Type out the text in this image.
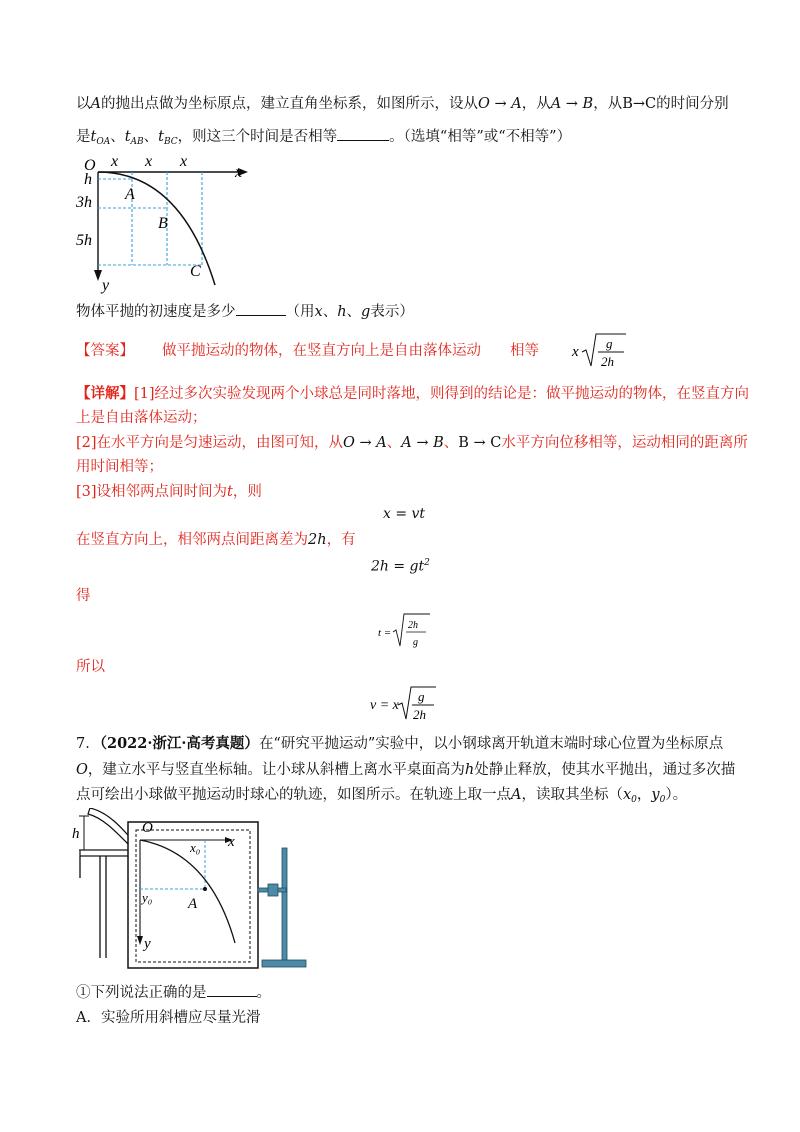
以A的抛出点做为坐标原点，建立直角坐标系，如图所示，设从O → A，从A → B，从B→C的时间分别
是$t_{OA}$、$t_{AB}$、$t_{BC}$，则这三个时间是否相等	。（选填“相等”或“不相等”）
O x x x
x
h
3h
5h
A
B
C
y
物体平抛的初速度是多少	（用x、h、g表示）
【答案】 做平抛运动的物体，在竖直方向上是自由落体运动 相等 x
g
2h
【详解】[1]经过多次实验发现两个小球总是同时落地，则得到的结论是：做平抛运动的物体，在竖直方向
上是自由落体运动；
[2]在水平方向是匀速运动，由图可知，从O → A、A → B、B → C水平方向位移相等，运动相同的距离所
用时间相等；
[3]设相邻两点间时间为t，则
x = vt
在竖直方向上，相邻两点间距离差为2h，有
$2h = gt^2$
得
t =
2h
g
所以
v = x
g
2h
7．（2022·浙江·高考真题）在“研究平抛运动”实验中，以小钢球离开轨道末端时球心位置为坐标原点
O，建立水平与竖直坐标轴。让小球从斜槽上离水平桌面高为h处静止释放，使其水平抛出，通过多次描
点可绘出小球做平抛运动时球心的轨迹，如图所示。在轨迹上取一点A，读取其坐标（$x_0$，$y_0$）。
h	O
x₀ x
y₀ A
y
①下列说法正确的是	。
A．实验所用斜槽应尽量光滑
